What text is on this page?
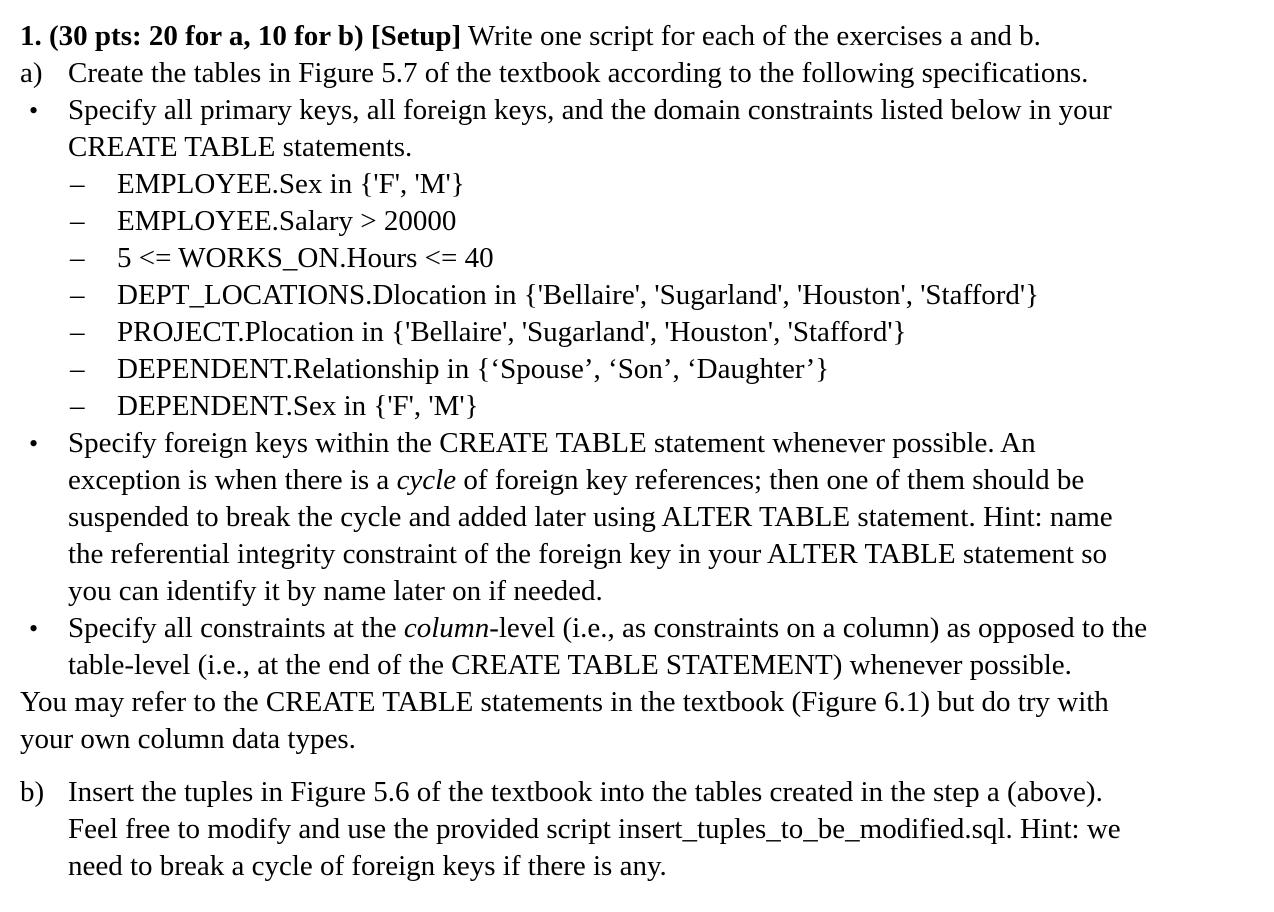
1. (30 pts: 20 for a, 10 for b) [Setup] Write one script for each of the exercises a and b.
a) Create the tables in Figure 5.7 of the textbook according to the following specifications.
•	Specify all primary keys, all foreign keys, and the domain constraints listed below in your
CREATE TABLE statements.
–	EMPLOYEE.Sex in {'F', 'M'}
–	EMPLOYEE.Salary > 20000
–	5 <= WORKS_ON.Hours <= 40
–	DEPT_LOCATIONS.Dlocation in {'Bellaire', 'Sugarland', 'Houston', 'Stafford'}
–	PROJECT.Plocation in {'Bellaire', 'Sugarland', 'Houston', 'Stafford'}
–	DEPENDENT.Relationship in {‘Spouse’, ‘Son’, ‘Daughter’}
–	DEPENDENT.Sex in {'F', 'M'}
•	Specify foreign keys within the CREATE TABLE statement whenever possible. An
exception is when there is a cycle of foreign key references; then one of them should be
suspended to break the cycle and added later using ALTER TABLE statement. Hint: name
the referential integrity constraint of the foreign key in your ALTER TABLE statement so
you can identify it by name later on if needed.
•	Specify all constraints at the column-level (i.e., as constraints on a column) as opposed to the
table-level (i.e., at the end of the CREATE TABLE STATEMENT) whenever possible.
You may refer to the CREATE TABLE statements in the textbook (Figure 6.1) but do try with
your own column data types.
b) Insert the tuples in Figure 5.6 of the textbook into the tables created in the step a (above).
Feel free to modify and use the provided script insert_tuples_to_be_modified.sql. Hint: we
need to break a cycle of foreign keys if there is any.
